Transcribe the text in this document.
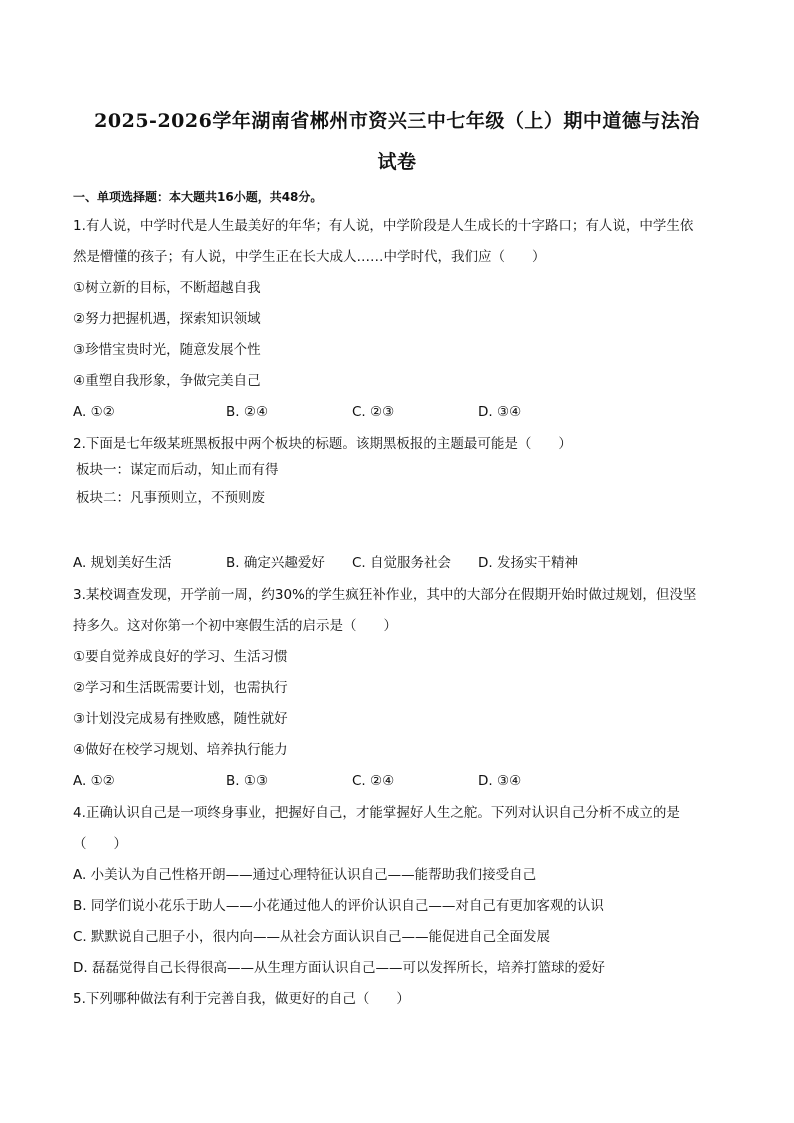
2025-2026学年湖南省郴州市资兴三中七年级（上）期中道德与法治
试卷
一、单项选择题：本大题共16小题，共48分。
1.有人说，中学时代是人生最美好的年华；有人说，中学阶段是人生成长的十字路口；有人说，中学生依
然是懵懂的孩子；有人说，中学生正在长大成人……中学时代，我们应（　　）
①树立新的目标，不断超越自我
②努力把握机遇，探索知识领域
③珍惜宝贵时光，随意发展个性
④重塑自我形象，争做完美自己
A. ①②	B. ②④	C. ②③	D. ③④
2.下面是七年级某班黑板报中两个板块的标题。该期黑板报的主题最可能是（　　）
板块一：谋定而后动，知止而有得
板块二：凡事预则立，不预则废
A. 规划美好生活	B. 确定兴趣爱好 C. 自觉服务社会 D. 发扬实干精神
3.某校调查发现，开学前一周，约30%的学生疯狂补作业，其中的大部分在假期开始时做过规划，但没坚
持多久。这对你第一个初中寒假生活的启示是（　　）
①要自觉养成良好的学习、生活习惯
②学习和生活既需要计划，也需执行
③计划没完成易有挫败感，随性就好
④做好在校学习规划、培养执行能力
A. ①②	B. ①③	C. ②④	D. ③④
4.正确认识自己是一项终身事业，把握好自己，才能掌握好人生之舵。下列对认识自己分析不成立的是
（　　）
A. 小美认为自己性格开朗——通过心理特征认识自己——能帮助我们接受自己
B. 同学们说小花乐于助人——小花通过他人的评价认识自己——对自己有更加客观的认识
C. 默默说自己胆子小，很内向——从社会方面认识自己——能促进自己全面发展
D. 磊磊觉得自己长得很高——从生理方面认识自己——可以发挥所长，培养打篮球的爱好
5.下列哪种做法有利于完善自我，做更好的自己（　　）
